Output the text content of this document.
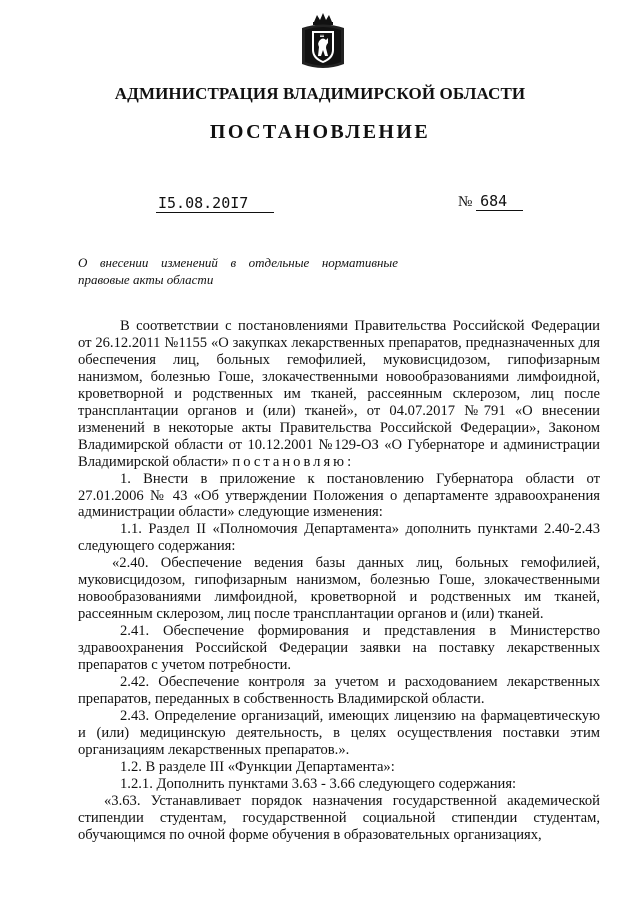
АДМИНИСТРАЦИЯ ВЛАДИМИРСКОЙ ОБЛАСТИ
ПОСТАНОВЛЕНИЕ
I5.08.20I7	№ 684
О внесении изменений в отдельные нормативные правовые акты области

В соответствии с постановлениями Правительства Российской Федерации от 26.12.2011 №1155 «О закупках лекарственных препаратов, предназначенных для обеспечения лиц, больных гемофилией, муковисцидозом, гипофизарным нанизмом, болезнью Гоше, злокачественными новообразованиями лимфоидной, кроветворной и родственных им тканей, рассеянным склерозом, лиц после трансплантации органов и (или) тканей», от 04.07.2017 №791 «О внесении изменений в некоторые акты Правительства Российской Федерации», Законом Владимирской области от 10.12.2001 №129-ОЗ «О Губернаторе и администрации Владимирской области» постановляю:

1. Внести в приложение к постановлению Губернатора области от 27.01.2006 № 43 «Об утверждении Положения о департаменте здравоохранения администрации области» следующие изменения:

1.1. Раздел II «Полномочия Департамента» дополнить пунктами 2.40-2.43 следующего содержания:

«2.40. Обеспечение ведения базы данных лиц, больных гемофилией, муковисцидозом, гипофизарным нанизмом, болезнью Гоше, злокачественными новообразованиями лимфоидной, кроветворной и родственных им тканей, рассеянным склерозом, лиц после трансплантации органов и (или) тканей.

2.41. Обеспечение формирования и представления в Министерство здравоохранения Российской Федерации заявки на поставку лекарственных препаратов с учетом потребности.

2.42. Обеспечение контроля за учетом и расходованием лекарственных препаратов, переданных в собственность Владимирской области.

2.43. Определение организаций, имеющих лицензию на фармацевтическую и (или) медицинскую деятельность, в целях осуществления поставки этим организациям лекарственных препаратов.».

1.2. В разделе III «Функции Департамента»:

1.2.1. Дополнить пунктами 3.63 - 3.66 следующего содержания:

«3.63. Устанавливает порядок назначения государственной академической стипендии студентам, государственной социальной стипендии студентам, обучающимся по очной форме обучения в образовательных организациях,
